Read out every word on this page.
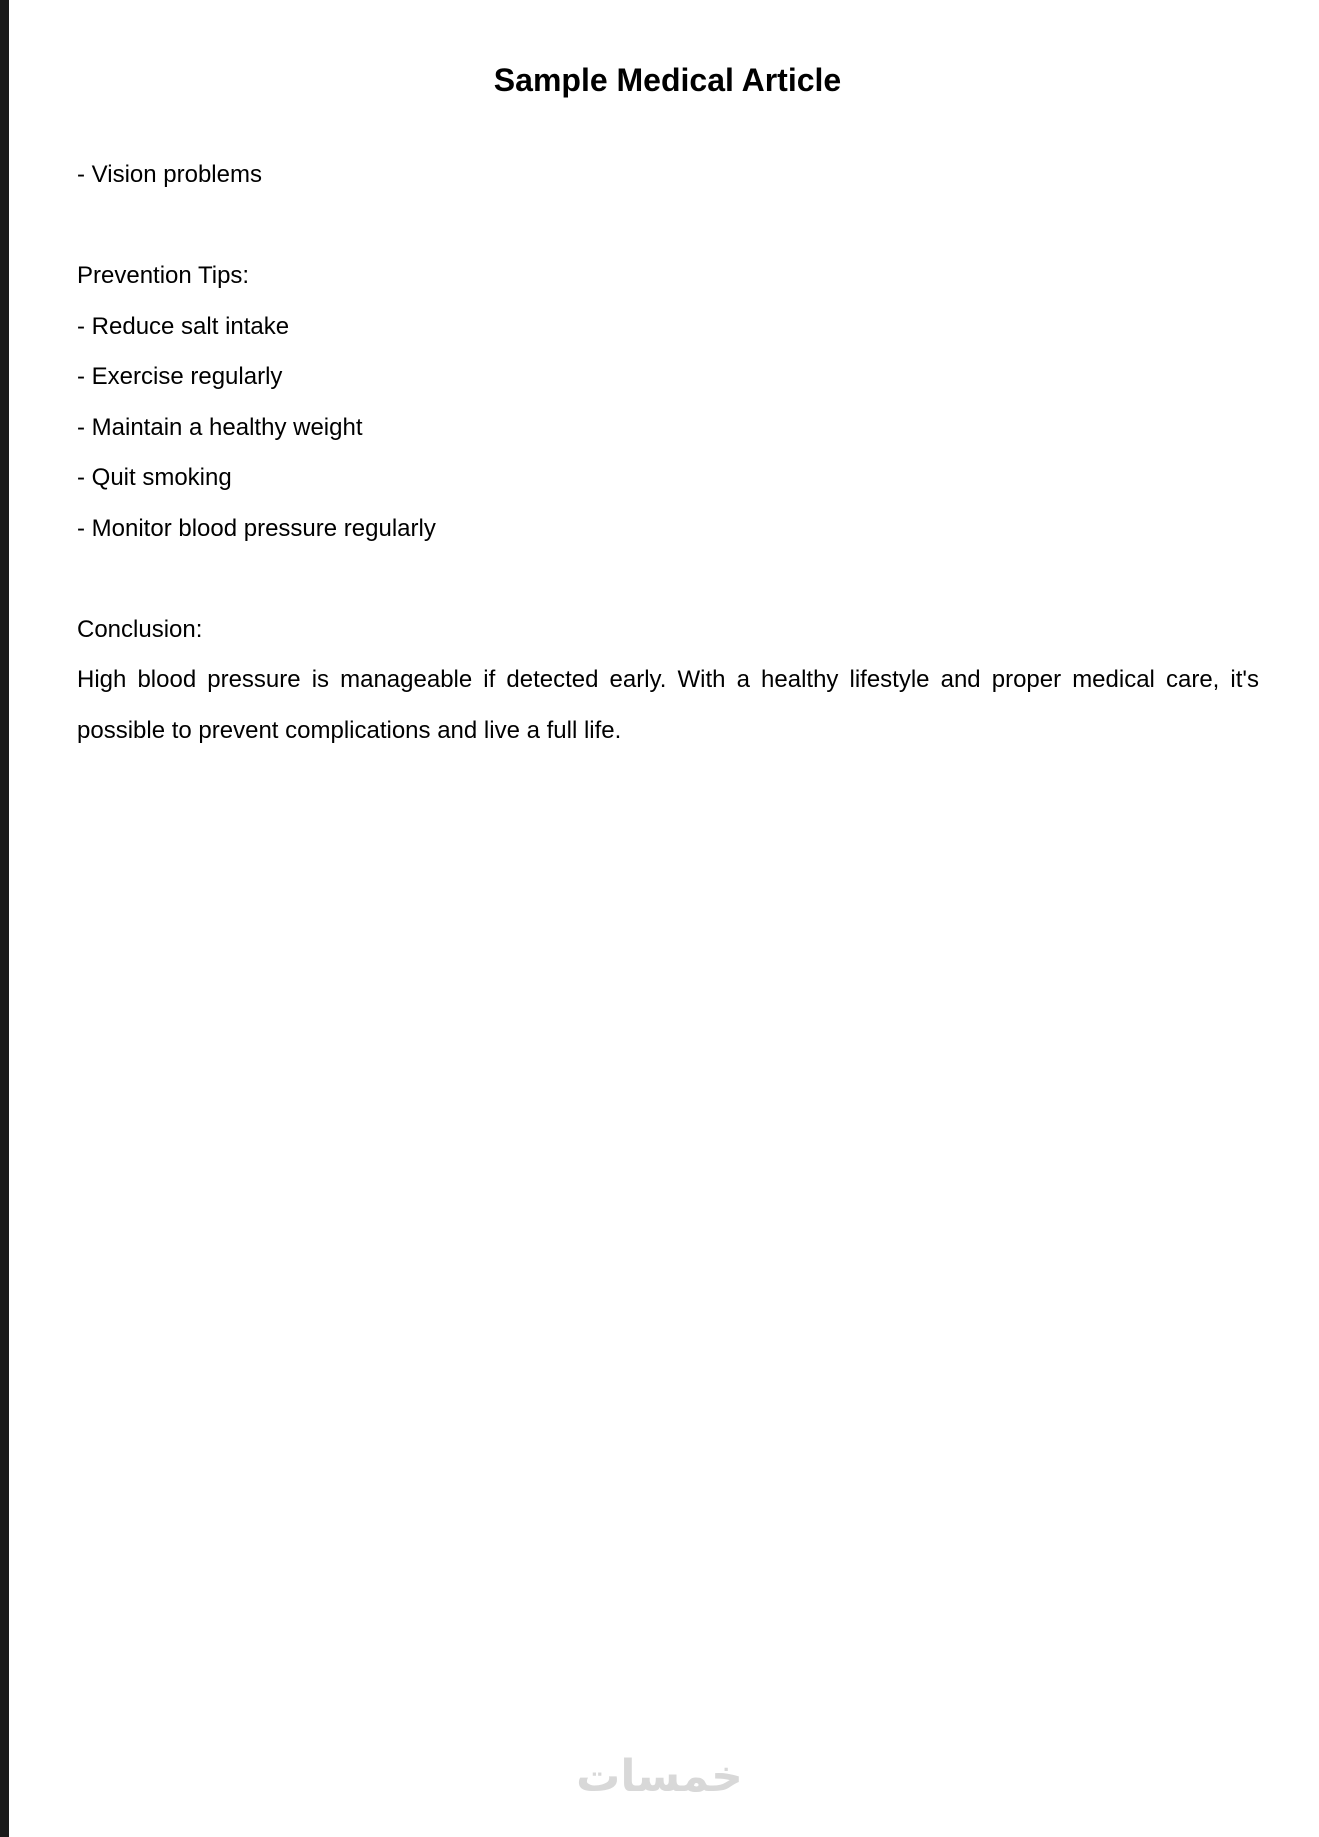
Sample Medical Article

- Vision problems

Prevention Tips:

- Reduce salt intake

- Exercise regularly

- Maintain a healthy weight

- Quit smoking

- Monitor blood pressure regularly

Conclusion:

High blood pressure is manageable if detected early. With a healthy lifestyle and proper medical care, it's possible to prevent complications and live a full life.

خمسات
